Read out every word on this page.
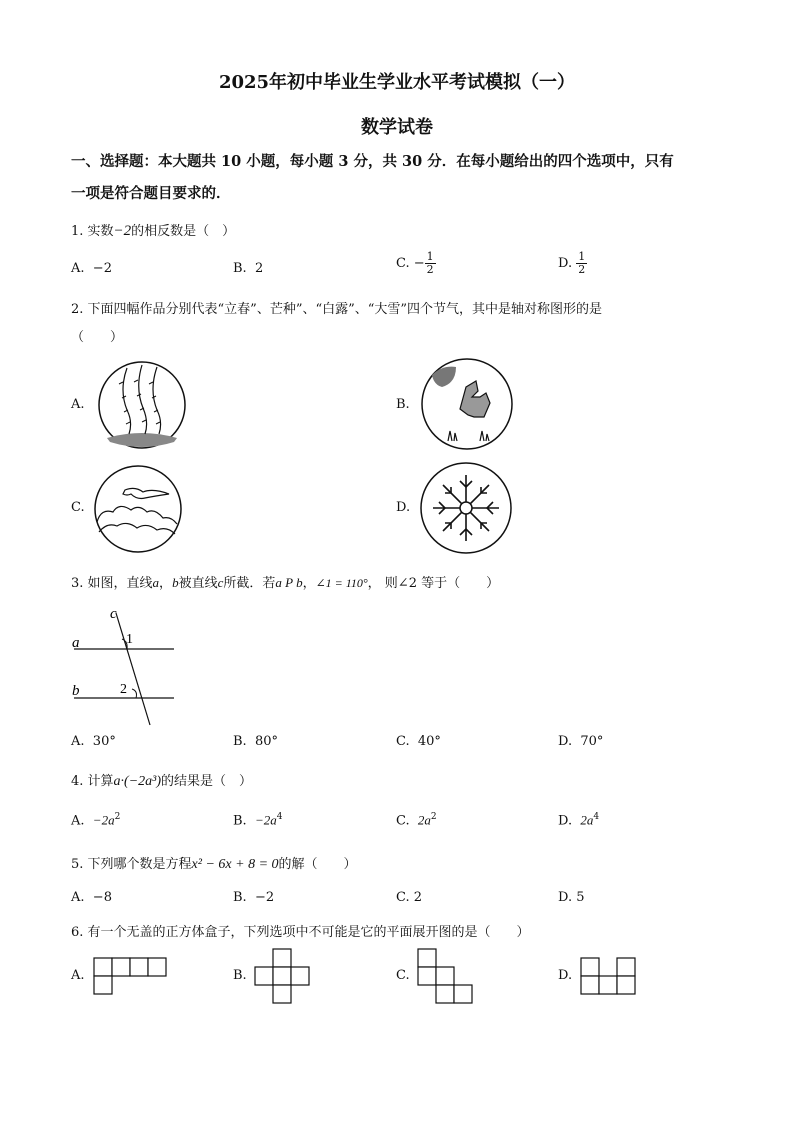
2025年初中毕业生学业水平考试模拟（一）
数学试卷
一、选择题：本大题共 10 小题，每小题 3 分，共 30 分．在每小题给出的四个选项中，只有
一项是符合题目要求的．
1. 实数−2的相反数是（　）
A. −2	B. 2	C. − $\frac{1}{2}$	D. $\frac{1}{2}$
2. 下面四幅作品分别代表“立春”、芒种”、“白露”、“大雪”四个节气，其中是轴对称图形的是
（　　）
A.	B.
C.	D.
3. 如图，直线a，b被直线c所截．若a P b，∠1 = 110°， 则∠2 等于（　　）
c
a
b
1
2
A. 30°	B. 80°	C. 40°	D. 70°
4. 计算a·(−2a³)的结果是（　）
A. $-2a^2$	B. $-2a^4$	C. $2a^2$	D. $2a^4$
5. 下列哪个数是方程x² − 6x + 8 = 0的解（　　）
A. −8	B. −2	C. 2	D. 5
6. 有一个无盖的正方体盒子，下列选项中不可能是它的平面展开图的是（　　）
A.	B.	C.	D.
